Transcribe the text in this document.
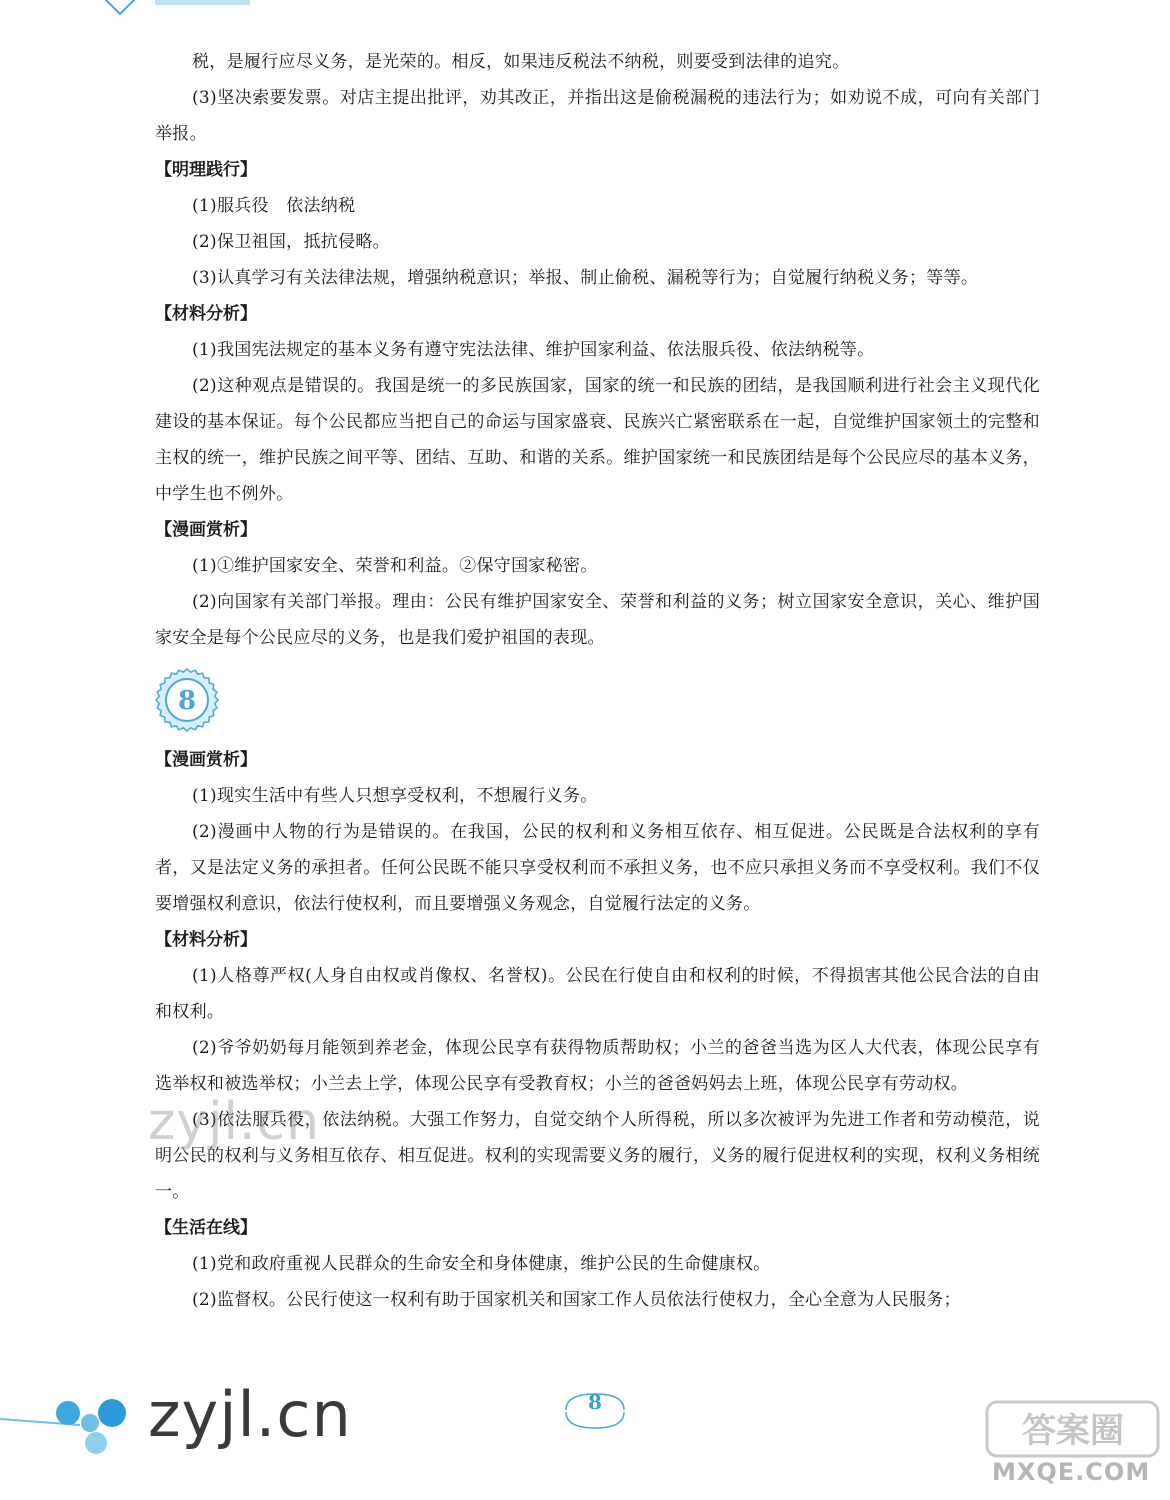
税，是履行应尽义务，是光荣的。相反，如果违反税法不纳税，则要受到法律的追究。
(3)坚决索要发票。对店主提出批评，劝其改正，并指出这是偷税漏税的违法行为；如劝说不成，可向有关部门举报。
【明理践行】
(1)服兵役　依法纳税
(2)保卫祖国，抵抗侵略。
(3)认真学习有关法律法规，增强纳税意识；举报、制止偷税、漏税等行为；自觉履行纳税义务；等等。
【材料分析】
(1)我国宪法规定的基本义务有遵守宪法法律、维护国家利益、依法服兵役、依法纳税等。
(2)这种观点是错误的。我国是统一的多民族国家，国家的统一和民族的团结，是我国顺利进行社会主义现代化建设的基本保证。每个公民都应当把自己的命运与国家盛衰、民族兴亡紧密联系在一起，自觉维护国家领土的完整和主权的统一，维护民族之间平等、团结、互助、和谐的关系。维护国家统一和民族团结是每个公民应尽的基本义务，中学生也不例外。
【漫画赏析】
(1)①维护国家安全、荣誉和利益。②保守国家秘密。
(2)向国家有关部门举报。理由：公民有维护国家安全、荣誉和利益的义务；树立国家安全意识，关心、维护国家安全是每个公民应尽的义务，也是我们爱护祖国的表现。
8
【漫画赏析】
(1)现实生活中有些人只想享受权利，不想履行义务。
(2)漫画中人物的行为是错误的。在我国，公民的权利和义务相互依存、相互促进。公民既是合法权利的享有者，又是法定义务的承担者。任何公民既不能只享受权利而不承担义务，也不应只承担义务而不享受权利。我们不仅要增强权利意识，依法行使权利，而且要增强义务观念，自觉履行法定的义务。
【材料分析】
(1)人格尊严权(人身自由权或肖像权、名誉权)。公民在行使自由和权利的时候，不得损害其他公民合法的自由和权利。
(2)爷爷奶奶每月能领到养老金，体现公民享有获得物质帮助权；小兰的爸爸当选为区人大代表，体现公民享有选举权和被选举权；小兰去上学，体现公民享有受教育权；小兰的爸爸妈妈去上班，体现公民享有劳动权。
(3)依法服兵役，依法纳税。大强工作努力，自觉交纳个人所得税，所以多次被评为先进工作者和劳动模范，说明公民的权利与义务相互依存、相互促进。权利的实现需要义务的履行，义务的履行促进权利的实现，权利义务相统一。
【生活在线】
(1)党和政府重视人民群众的生命安全和身体健康，维护公民的生命健康权。
(2)监督权。公民行使这一权利有助于国家机关和国家工作人员依法行使权力，全心全意为人民服务；
zyjl.cn
zyjl.cn	8
答案圈
MXQE.COM
